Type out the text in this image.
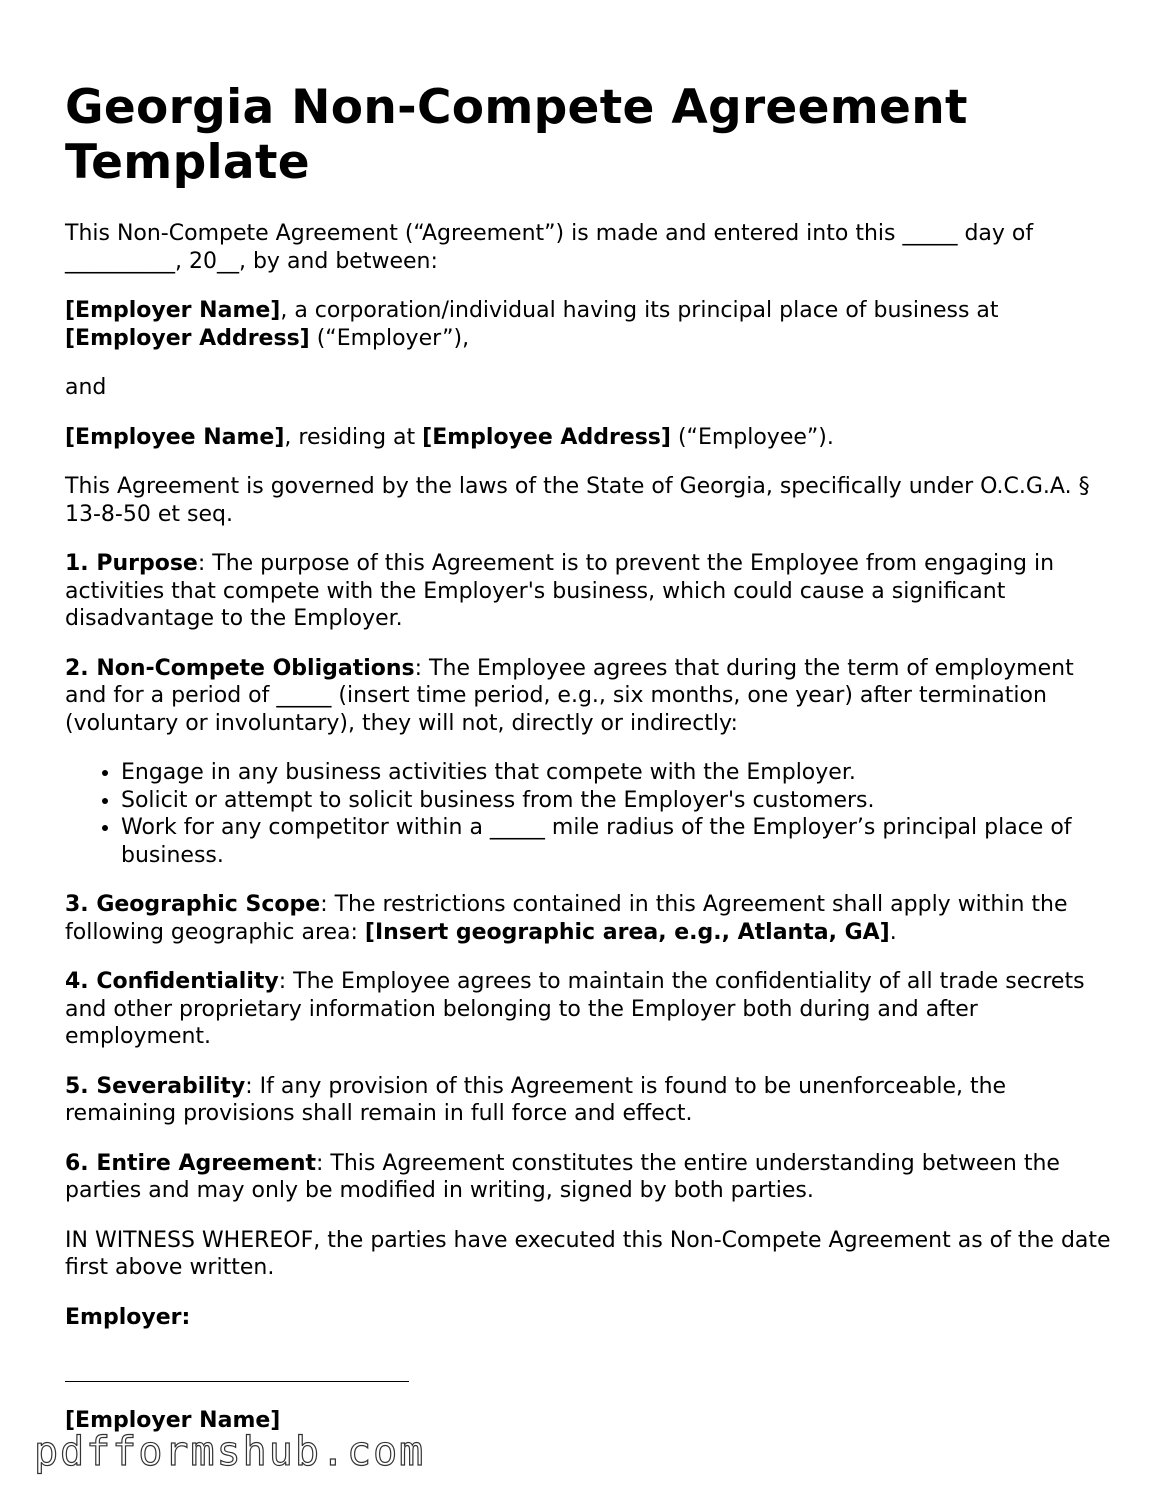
Georgia Non-Compete Agreement Template

This Non-Compete Agreement (“Agreement”) is made and entered into this _____ day of __________, 20__, by and between:

[Employer Name], a corporation/individual having its principal place of business at [Employer Address] (“Employer”),

and

[Employee Name], residing at [Employee Address] (“Employee”).

This Agreement is governed by the laws of the State of Georgia, specifically under O.C.G.A. § 13-8-50 et seq.

1. Purpose: The purpose of this Agreement is to prevent the Employee from engaging in activities that compete with the Employer's business, which could cause a significant disadvantage to the Employer.

2. Non-Compete Obligations: The Employee agrees that during the term of employment and for a period of _____ (insert time period, e.g., six months, one year) after termination (voluntary or involuntary), they will not, directly or indirectly:

• Engage in any business activities that compete with the Employer.
• Solicit or attempt to solicit business from the Employer's customers.
• Work for any competitor within a _____ mile radius of the Employer’s principal place of business.

3. Geographic Scope: The restrictions contained in this Agreement shall apply within the following geographic area: [Insert geographic area, e.g., Atlanta, GA].

4. Confidentiality: The Employee agrees to maintain the confidentiality of all trade secrets and other proprietary information belonging to the Employer both during and after employment.

5. Severability: If any provision of this Agreement is found to be unenforceable, the remaining provisions shall remain in full force and effect.

6. Entire Agreement: This Agreement constitutes the entire understanding between the parties and may only be modified in writing, signed by both parties.

IN WITNESS WHEREOF, the parties have executed this Non-Compete Agreement as of the date first above written.

Employer:

[Employer Name]

pdfformshub.com
